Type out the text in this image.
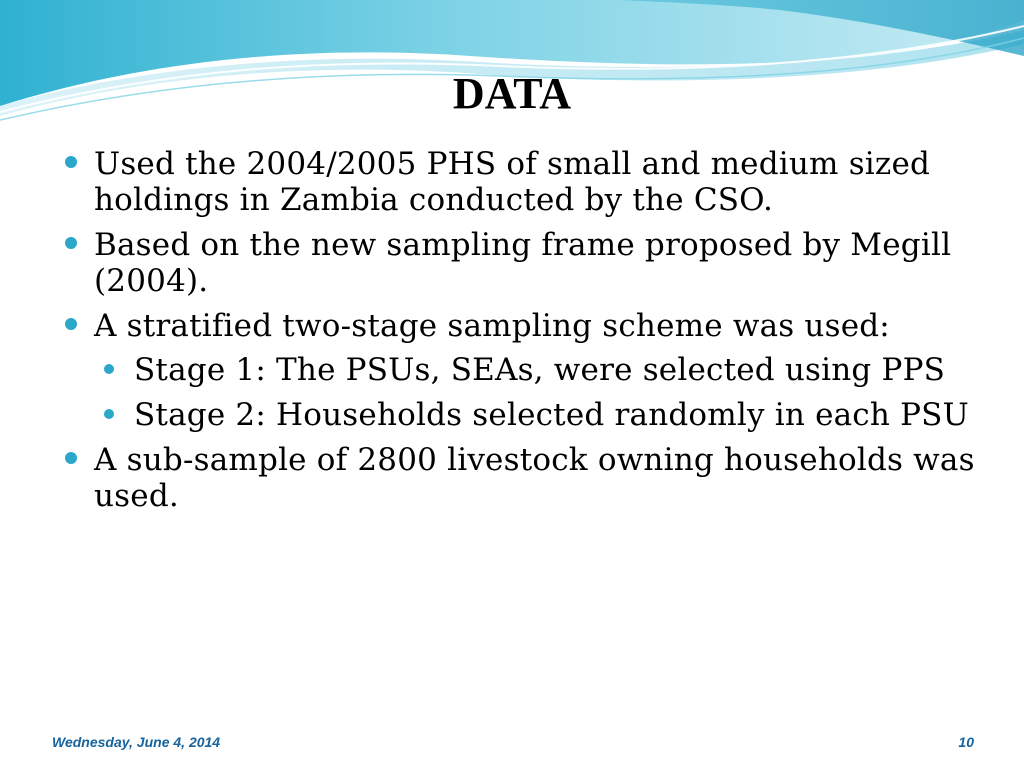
DATA
Used the 2004/2005 PHS of small and medium sized holdings in Zambia conducted by the CSO.
Based on the new sampling frame proposed by Megill (2004).
A stratified two-stage sampling scheme was used:
Stage 1: The PSUs, SEAs, were selected using PPS
Stage 2: Households selected randomly in each PSU
A sub-sample of 2800 livestock owning households was used.
Wednesday, June 4, 2014	10
